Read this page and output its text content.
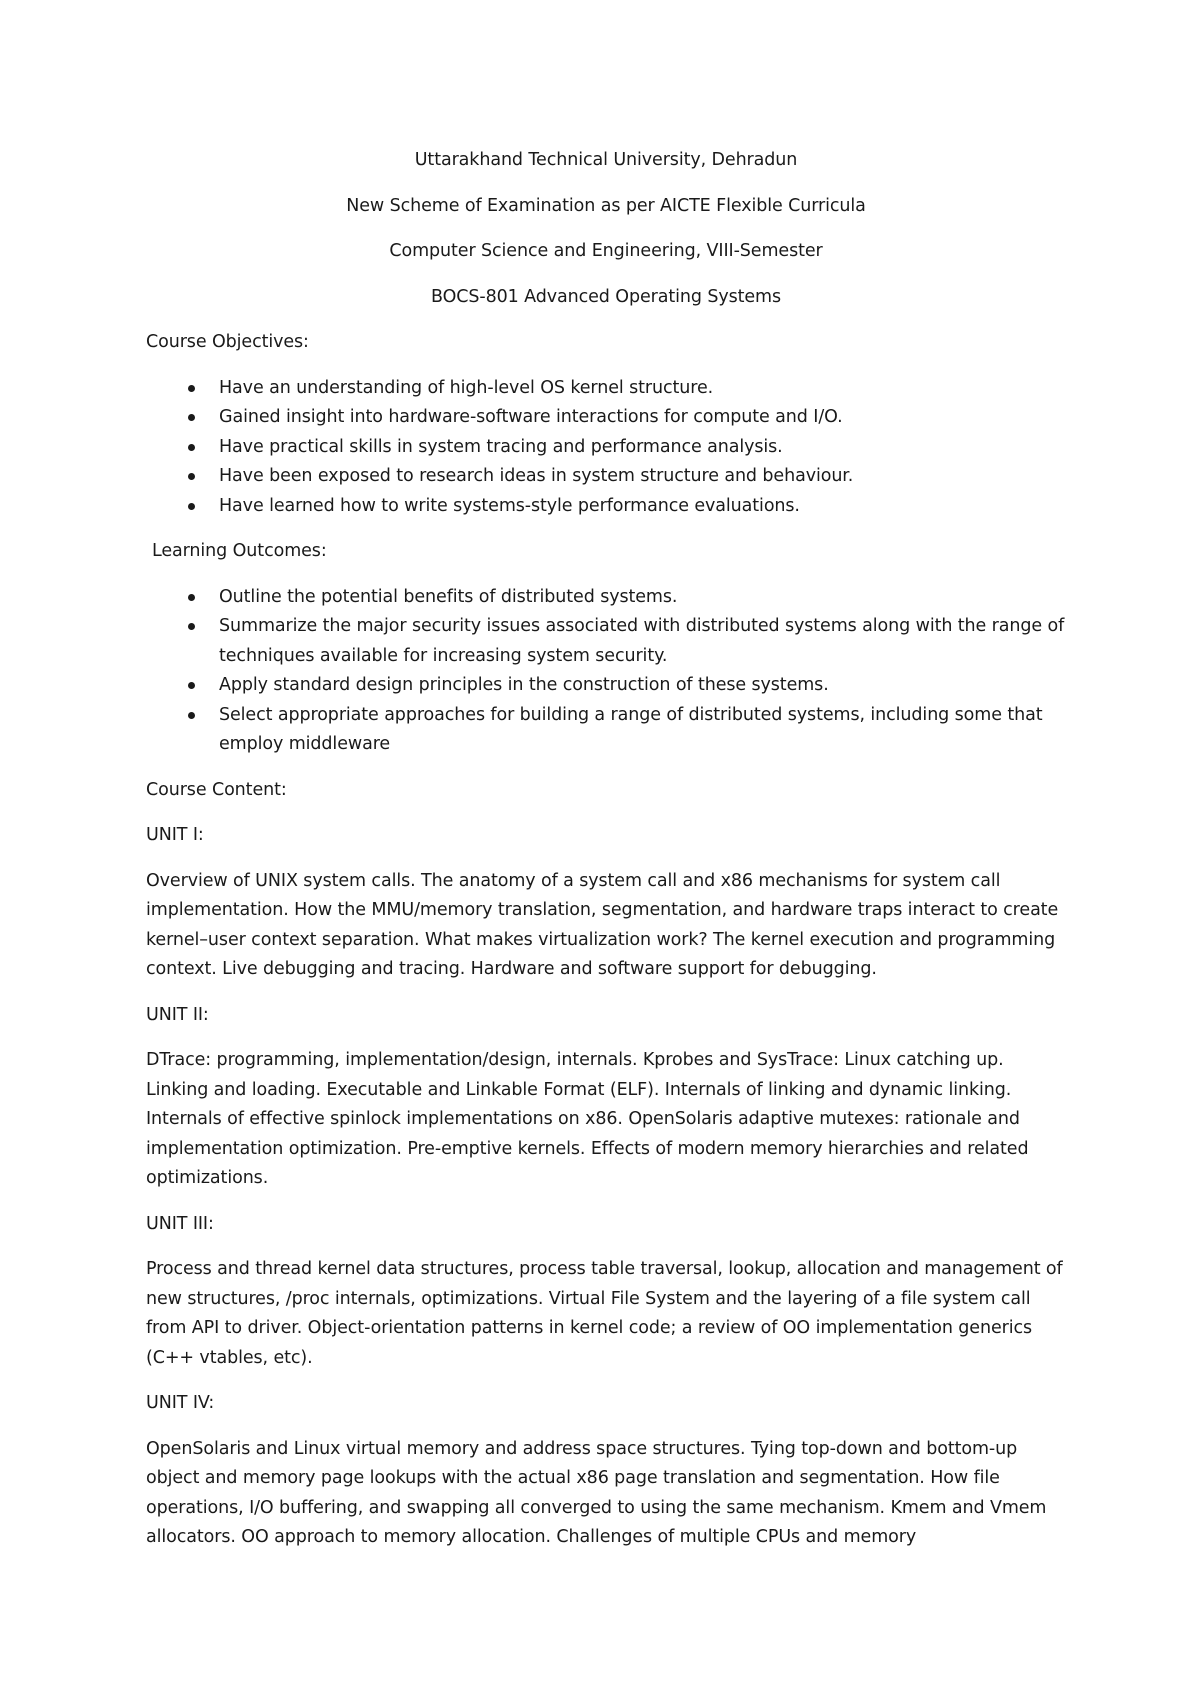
Uttarakhand Technical University, Dehradun
New Scheme of Examination as per AICTE Flexible Curricula
Computer Science and Engineering, VIII-Semester
BOCS-801 Advanced Operating Systems
Course Objectives:
Have an understanding of high-level OS kernel structure.
Gained insight into hardware-software interactions for compute and I/O.
Have practical skills in system tracing and performance analysis.
Have been exposed to research ideas in system structure and behaviour.
Have learned how to write systems-style performance evaluations.
Learning Outcomes:
Outline the potential benefits of distributed systems.
Summarize the major security issues associated with distributed systems along with the range of techniques available for increasing system security.
Apply standard design principles in the construction of these systems.
Select appropriate approaches for building a range of distributed systems, including some that employ middleware
Course Content:
UNIT I:
Overview of UNIX system calls. The anatomy of a system call and x86 mechanisms for system call implementation. How the MMU/memory translation, segmentation, and hardware traps interact to create kernel–user context separation. What makes virtualization work? The kernel execution and programming context. Live debugging and tracing. Hardware and software support for debugging.
UNIT II:
DTrace: programming, implementation/design, internals. Kprobes and SysTrace: Linux catching up. Linking and loading. Executable and Linkable Format (ELF). Internals of linking and dynamic linking. Internals of effective spinlock implementations on x86. OpenSolaris adaptive mutexes: rationale and implementation optimization. Pre-emptive kernels. Effects of modern memory hierarchies and related optimizations.
UNIT III:
Process and thread kernel data structures, process table traversal, lookup, allocation and management of new structures, /proc internals, optimizations. Virtual File System and the layering of a file system call from API to driver. Object-orientation patterns in kernel code; a review of OO implementation generics (C++ vtables, etc).
UNIT IV:
OpenSolaris and Linux virtual memory and address space structures. Tying top-down and bottom-up object and memory page lookups with the actual x86 page translation and segmentation. How file operations, I/O buffering, and swapping all converged to using the same mechanism. Kmem and Vmem allocators. OO approach to memory allocation. Challenges of multiple CPUs and memory
